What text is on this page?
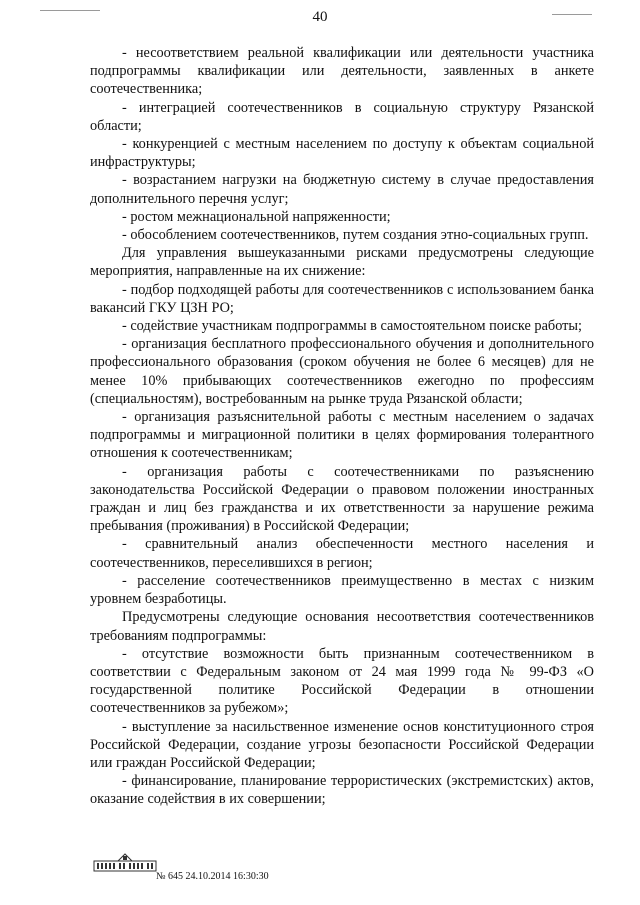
40

- несоответствием реальной квалификации или деятельности участника подпрограммы квалификации или деятельности, заявленных в анкете соотечественника;

- интеграцией соотечественников в социальную структуру Рязанской области;

- конкуренцией с местным населением по доступу к объектам социальной инфраструктуры;

- возрастанием нагрузки на бюджетную систему в случае предоставления дополнительного перечня услуг;

- ростом межнациональной напряженности;

- обособлением соотечественников, путем создания этно-социальных групп.

Для управления вышеуказанными рисками предусмотрены следующие мероприятия, направленные на их снижение:

- подбор подходящей работы для соотечественников с использованием банка вакансий ГКУ ЦЗН РО;

- содействие участникам подпрограммы в самостоятельном поиске работы;

- организация бесплатного профессионального обучения и дополнительного профессионального образования (сроком обучения не более 6 месяцев) для не менее 10% прибывающих соотечественников ежегодно по профессиям (специальностям), востребованным на рынке труда Рязанской области;

- организация разъяснительной работы с местным населением о задачах подпрограммы и миграционной политики в целях формирования толерантного отношения к соотечественникам;

- организация работы с соотечественниками по разъяснению законодательства Российской Федерации о правовом положении иностранных граждан и лиц без гражданства и их ответственности за нарушение режима пребывания (проживания) в Российской Федерации;

- сравнительный анализ обеспеченности местного населения и соотечественников, переселившихся в регион;

- расселение соотечественников преимущественно в местах с низким уровнем безработицы.

Предусмотрены следующие основания несоответствия соотечественников требованиям подпрограммы:

- отсутствие возможности быть признанным соотечественником в соответствии с Федеральным законом от 24 мая 1999 года № 99-ФЗ «О государственной политике Российской Федерации в отношении соотечественников за рубежом»;

- выступление за насильственное изменение основ конституционного строя Российской Федерации, создание угрозы безопасности Российской Федерации или граждан Российской Федерации;

- финансирование, планирование террористических (экстремистских) актов, оказание содействия в их совершении;

№ 645 24.10.2014 16:30:30
